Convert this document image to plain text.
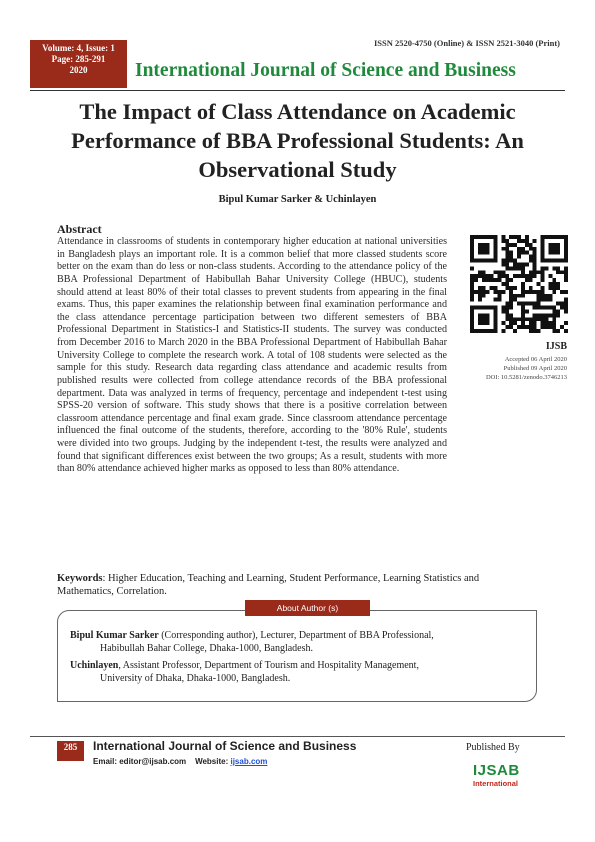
Volume: 4, Issue: 1
Page: 285-291
2020
ISSN 2520-4750 (Online) & ISSN 2521-3040 (Print)
International Journal of Science and Business
The Impact of Class Attendance on Academic Performance of BBA Professional Students: An Observational Study
Bipul Kumar Sarker & Uchinlayen
Abstract
Attendance in classrooms of students in contemporary higher education at national universities in Bangladesh plays an important role. It is a common belief that more classed students score better on the exam than do less or non-class students. According to the attendance policy of the BBA Professional Department of Habibullah Bahar University College (HBUC), students should attend at least 80% of their total classes to prevent students from appearing in the final exams. Thus, this paper examines the relationship between final examination performance and the class attendance percentage participation between two different semesters of BBA Professional Department in Statistics-I and Statistics-II students. The survey was conducted from December 2016 to March 2020 in the BBA Professional Department of Habibullah Bahar University College to complete the research work. A total of 108 students were selected as the sample for this study. Research data regarding class attendance and academic results from published results were collected from college attendance records of the BBA professional department. Data was analyzed in terms of frequency, percentage and independent t-test using SPSS-20 version of software. This study shows that there is a positive correlation between classroom attendance percentage and final exam grade. Since classroom attendance percentage influenced the final outcome of the students, therefore, according to the '80% Rule', students were divided into two groups. Judging by the independent t-test, the results were analyzed and found that significant differences exist between the two groups; As a result, students with more than 80% attendance achieved higher marks as opposed to less than 80% attendance.
IJSB
Accepted 06 April 2020
Published 09 April 2020
DOI: 10.5281/zenodo.3746213
Keywords: Higher Education, Teaching and Learning, Student Performance, Learning Statistics and Mathematics, Correlation.
About Author (s)
Bipul Kumar Sarker (Corresponding author), Lecturer, Department of BBA Professional,
Habibullah Bahar College, Dhaka-1000, Bangladesh.
Uchinlayen, Assistant Professor, Department of Tourism and Hospitality Management,
University of Dhaka, Dhaka-1000, Bangladesh.
285	International Journal of Science and Business
Email: editor@ijsab.com Website: ijsab.com
Published By
IJSAB
International
